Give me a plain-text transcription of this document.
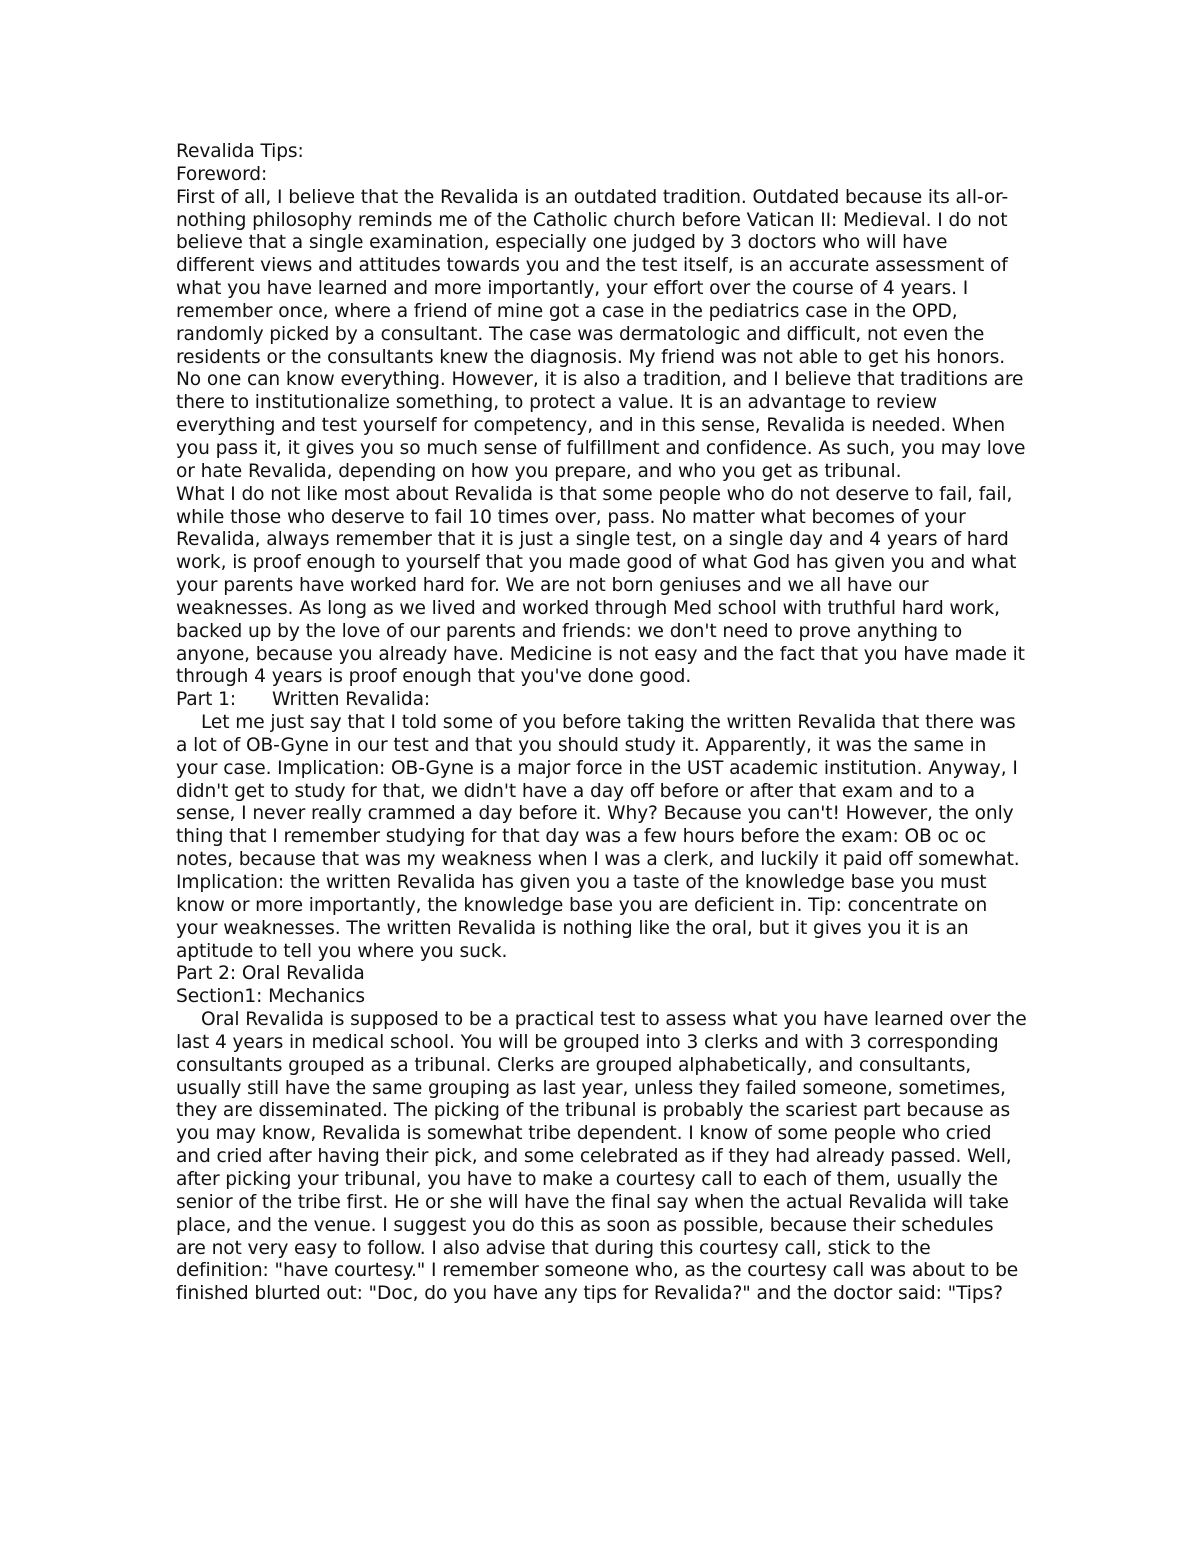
Revalida Tips:

Foreword:

First of all, I believe that the Revalida is an outdated tradition. Outdated because its all-or-nothing philosophy reminds me of the Catholic church before Vatican II: Medieval. I do not believe that a single examination, especially one judged by 3 doctors who will have different views and attitudes towards you and the test itself, is an accurate assessment of what you have learned and more importantly, your effort over the course of 4 years. I remember once, where a friend of mine got a case in the pediatrics case in the OPD, randomly picked by a consultant. The case was dermatologic and difficult, not even the residents or the consultants knew the diagnosis. My friend was not able to get his honors. No one can know everything. However, it is also a tradition, and I believe that traditions are there to institutionalize something, to protect a value. It is an advantage to review everything and test yourself for competency, and in this sense, Revalida is needed. When you pass it, it gives you so much sense of fulfillment and confidence. As such, you may love or hate Revalida, depending on how you prepare, and who you get as tribunal.

What I do not like most about Revalida is that some people who do not deserve to fail, fail, while those who deserve to fail 10 times over, pass. No matter what becomes of your Revalida, always remember that it is just a single test, on a single day and 4 years of hard work, is proof enough to yourself that you made good of what God has given you and what your parents have worked hard for. We are not born geniuses and we all have our weaknesses. As long as we lived and worked through Med school with truthful hard work, backed up by the love of our parents and friends: we don't need to prove anything to anyone, because you already have. Medicine is not easy and the fact that you have made it through 4 years is proof enough that you've done good.

Part 1: Written Revalida:

Let me just say that I told some of you before taking the written Revalida that there was a lot of OB-Gyne in our test and that you should study it. Apparently, it was the same in your case. Implication: OB-Gyne is a major force in the UST academic institution. Anyway, I didn't get to study for that, we didn't have a day off before or after that exam and to a sense, I never really crammed a day before it. Why? Because you can't! However, the only thing that I remember studying for that day was a few hours before the exam: OB oc oc notes, because that was my weakness when I was a clerk, and luckily it paid off somewhat. Implication: the written Revalida has given you a taste of the knowledge base you must know or more importantly, the knowledge base you are deficient in. Tip: concentrate on your weaknesses. The written Revalida is nothing like the oral, but it gives you it is an aptitude to tell you where you suck.

Part 2: Oral Revalida

Section1: Mechanics

Oral Revalida is supposed to be a practical test to assess what you have learned over the last 4 years in medical school. You will be grouped into 3 clerks and with 3 corresponding consultants grouped as a tribunal. Clerks are grouped alphabetically, and consultants, usually still have the same grouping as last year, unless they failed someone, sometimes, they are disseminated. The picking of the tribunal is probably the scariest part because as you may know, Revalida is somewhat tribe dependent. I know of some people who cried and cried after having their pick, and some celebrated as if they had already passed. Well, after picking your tribunal, you have to make a courtesy call to each of them, usually the senior of the tribe first. He or she will have the final say when the actual Revalida will take place, and the venue. I suggest you do this as soon as possible, because their schedules are not very easy to follow. I also advise that during this courtesy call, stick to the definition: "have courtesy." I remember someone who, as the courtesy call was about to be finished blurted out: "Doc, do you have any tips for Revalida?" and the doctor said: "Tips?
